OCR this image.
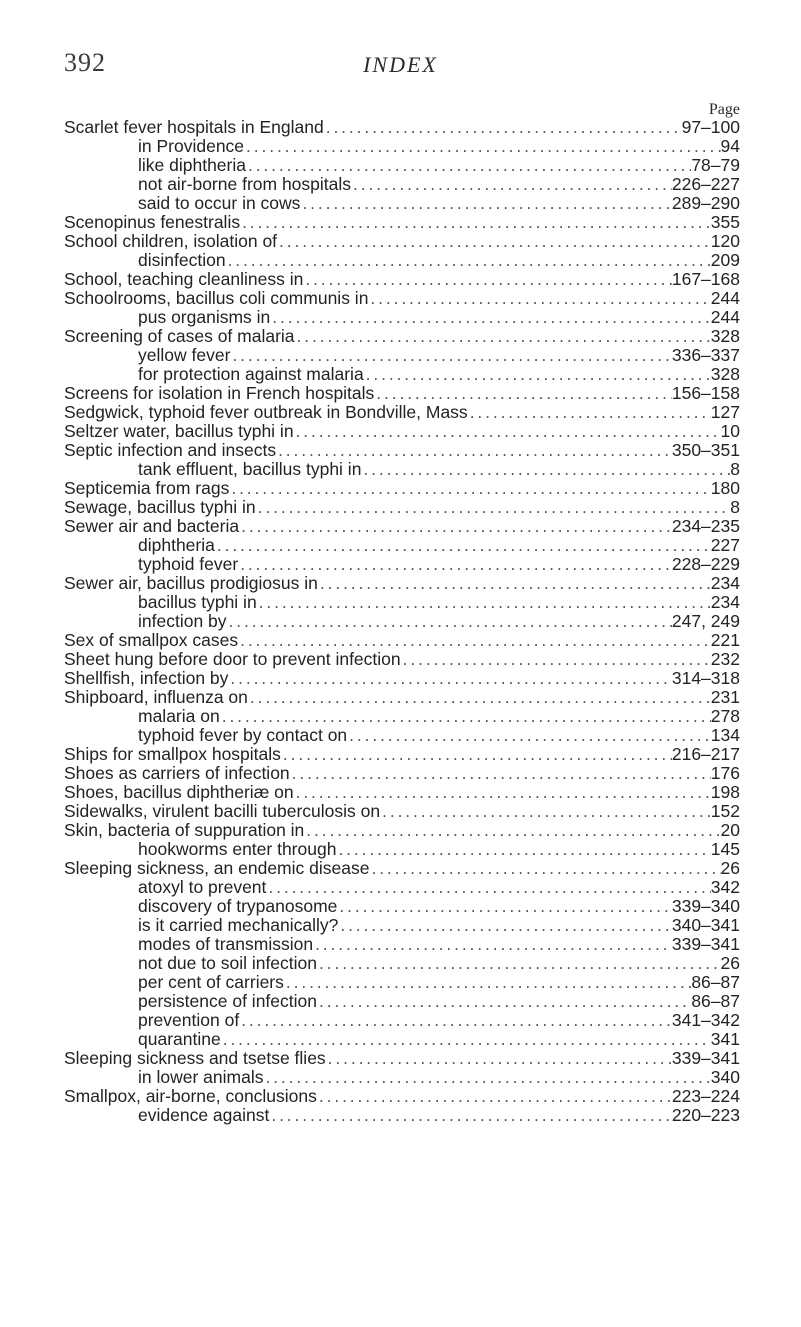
392	INDEX
Page
Scarlet fever hospitals in England . . .	97–100
in Providence . . .	94
like diphtheria . . .	78–79
not air-borne from hospitals . . .	226–227
said to occur in cows . . .	289–290
Scenopinus fenestralis . . .	355
School children, isolation of . . .	120
disinfection . . .	209
School, teaching cleanliness in . . .	167–168
Schoolrooms, bacillus coli communis in . . .	244
pus organisms in . . .	244
Screening of cases of malaria . . .	328
yellow fever . . .	336–337
for protection against malaria . . .	328
Screens for isolation in French hospitals . . .	156–158
Sedgwick, typhoid fever outbreak in Bondville, Mass . . .	127
Seltzer water, bacillus typhi in . . .	10
Septic infection and insects . . .	350–351
tank effluent, bacillus typhi in . . .	8
Septicemia from rags . . .	180
Sewage, bacillus typhi in . . .	8
Sewer air and bacteria . . .	234–235
diphtheria . . .	227
typhoid fever . . .	228–229
Sewer air, bacillus prodigiosus in . . .	234
bacillus typhi in . . .	234
infection by . . .	247, 249
Sex of smallpox cases . . .	221
Sheet hung before door to prevent infection . . .	232
Shellfish, infection by . . .	314–318
Shipboard, influenza on . . .	231
malaria on . . .	278
typhoid fever by contact on . . .	134
Ships for smallpox hospitals . . .	216–217
Shoes as carriers of infection . . .	176
Shoes, bacillus diphtheriæ on . . .	198
Sidewalks, virulent bacilli tuberculosis on . . .	152
Skin, bacteria of suppuration in . . .	20
hookworms enter through . . .	145
Sleeping sickness, an endemic disease . . .	26
atoxyl to prevent . . .	342
discovery of trypanosome . . .	339–340
is it carried mechanically? . . .	340–341
modes of transmission . . .	339–341
not due to soil infection . . .	26
per cent of carriers . . .	86–87
persistence of infection . . .	86–87
prevention of . . .	341–342
quarantine . . .	341
Sleeping sickness and tsetse flies . . .	339–341
in lower animals . . .	340
Smallpox, air-borne, conclusions . . .	223–224
evidence against . . .	220–223
